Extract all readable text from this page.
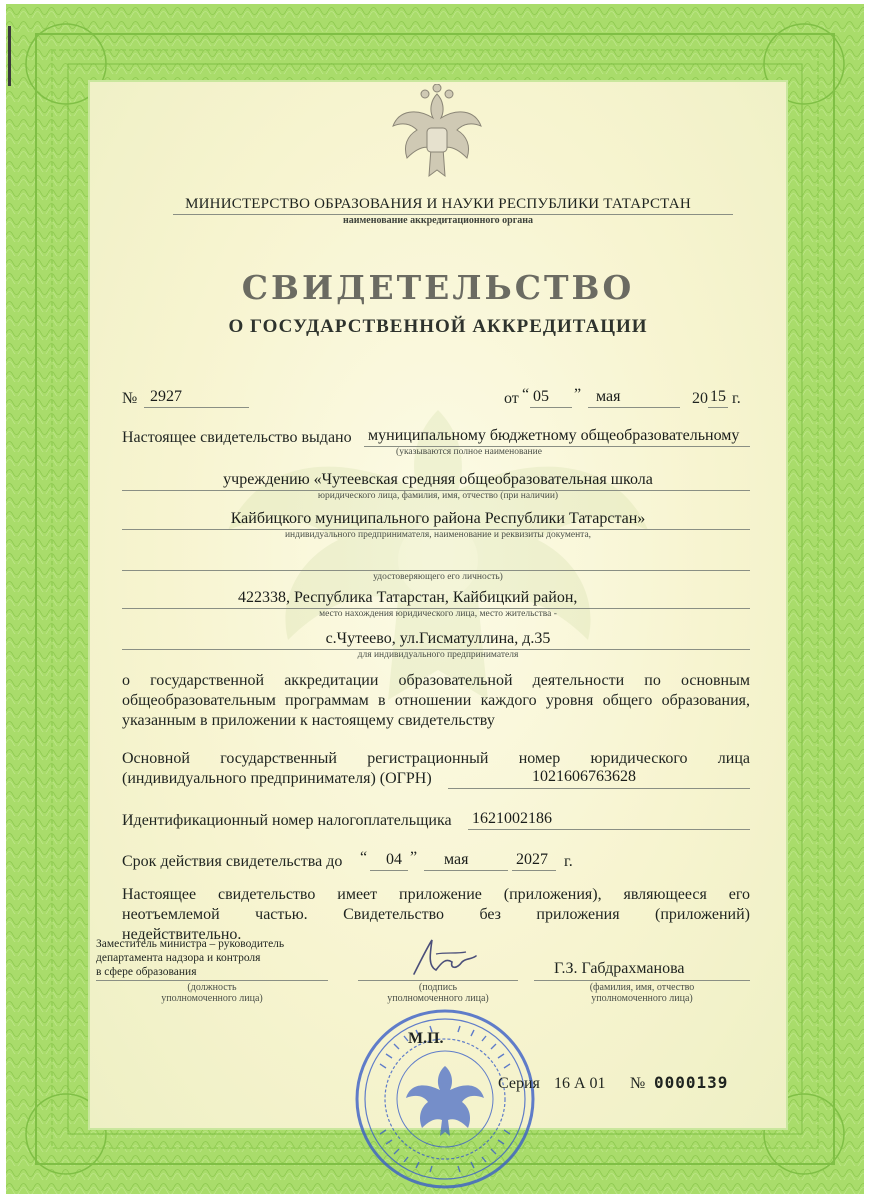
МИНИСТЕРСТВО ОБРАЗОВАНИЯ И НАУКИ РЕСПУБЛИКИ ТАТАРСТАН
наименование аккредитационного органа
СВИДЕТЕЛЬСТВО
О ГОСУДАРСТВЕННОЙ АККРЕДИТАЦИИ
№ 2927	от “ 05 ” мая	20 15 г.
Настоящее свидетельство выдано муниципальному бюджетному общеобразовательному
(указываются полное наименование
учреждению «Чутеевская средняя общеобразовательная школа
юридического лица, фамилия, имя, отчество (при наличии)
Кайбицкого муниципального района Республики Татарстан»
индивидуального предпринимателя, наименование и реквизиты документа,
удостоверяющего его личность)
422338, Республика Татарстан, Кайбицкий район,
место нахождения юридического лица, место жительства -
с.Чутеево, ул.Гисматуллина, д.35
для индивидуального предпринимателя
о государственной аккредитации образовательной деятельности по основным
общеобразовательным программам в отношении каждого уровня общего образования,
указанным в приложении к настоящему свидетельству
Основной государственный регистрационный номер юридического лица
(индивидуального предпринимателя) (ОГРН)	1021606763628
Идентификационный номер налогоплательщика 1621002186
Срок действия свидетельства до “ 04 ” мая	2027 г.
Настоящее свидетельство имеет приложение (приложения), являющееся его
неотъемлемой частью. Свидетельство без приложения (приложений)
недействительно.
Заместитель министра – руководитель
департамента надзора и контроля
в сфере образования
(должность
уполномоченного лица)
(подпись
уполномоченного лица)
Г.З. Габдрахманова
(фамилия, имя, отчество
уполномоченного лица)
М.П.
Серия 16 А 01 № 0000139
